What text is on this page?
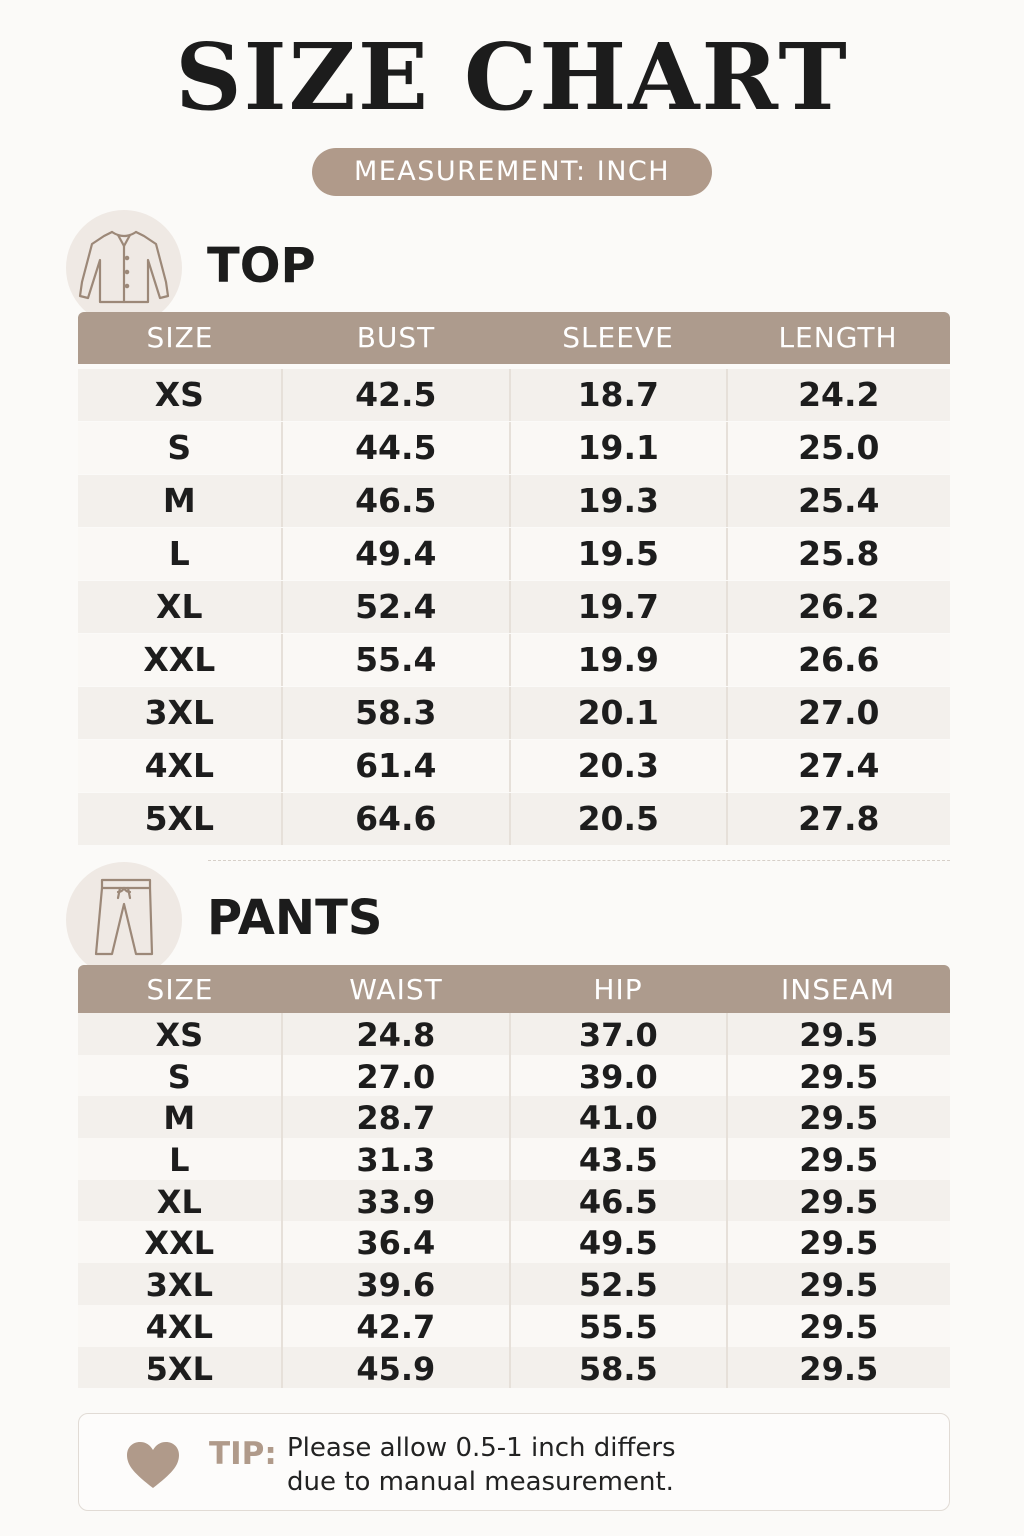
SIZE CHART
MEASUREMENT: INCH
TOP
SIZE	BUST	SLEEVE	LENGTH
XS	42.5	18.7	24.2
S	44.5	19.1	25.0
M	46.5	19.3	25.4
L	49.4	19.5	25.8
XL	52.4	19.7	26.2
XXL	55.4	19.9	26.6
3XL	58.3	20.1	27.0
4XL	61.4	20.3	27.4
5XL	64.6	20.5	27.8
PANTS
SIZE	WAIST	HIP	INSEAM
XS	24.8	37.0	29.5
S	27.0	39.0	29.5
M	28.7	41.0	29.5
L	31.3	43.5	29.5
XL	33.9	46.5	29.5
XXL	36.4	49.5	29.5
3XL	39.6	52.5	29.5
4XL	42.7	55.5	29.5
5XL	45.9	58.5	29.5
TIP: Please allow 0.5-1 inch differs
due to manual measurement.
